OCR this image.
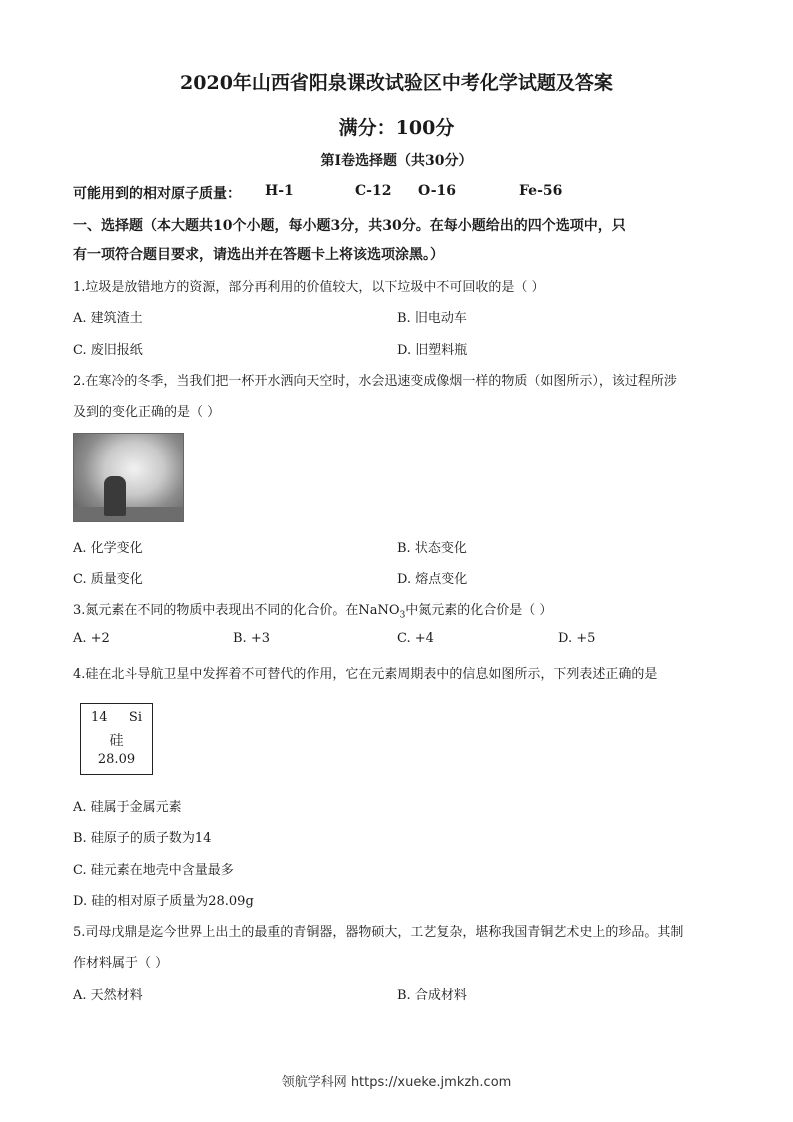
2020年山西省阳泉课改试验区中考化学试题及答案
满分：100分
第Ⅰ卷选择题（共30分）
可能用到的相对原子质量： H-1	C-12 O-16	Fe-56
一、选择题（本大题共10个小题，每小题3分，共30分。在每小题给出的四个选项中，只
有一项符合题目要求，请选出并在答题卡上将该选项涂黑。）
1.垃圾是放错地方的资源，部分再利用的价值较大，以下垃圾中不可回收的是（ ）
A. 建筑渣土	B. 旧电动车
C. 废旧报纸	D. 旧塑料瓶
2.在寒冷的冬季，当我们把一杯开水洒向天空时，水会迅速变成像烟一样的物质（如图所示），该过程所涉
及到的变化正确的是（ ）
A. 化学变化	B. 状态变化
C. 质量变化	D. 熔点变化
3.氮元素在不同的物质中表现出不同的化合价。在NaNO$_3$中氮元素的化合价是（ ）
A. +2	B. +3	C. +4	D. +5
4.硅在北斗导航卫星中发挥着不可替代的作用，它在元素周期表中的信息如图所示，下列表述正确的是
14 Si
硅
28.09
A. 硅属于金属元素
B. 硅原子的质子数为14
C. 硅元素在地壳中含量最多
D. 硅的相对原子质量为28.09g
5.司母戊鼎是迄今世界上出土的最重的青铜器，器物硕大，工艺复杂，堪称我国青铜艺术史上的珍品。其制
作材料属于（ ）
A. 天然材料	B. 合成材料
领航学科网 https://xueke.jmkzh.com
